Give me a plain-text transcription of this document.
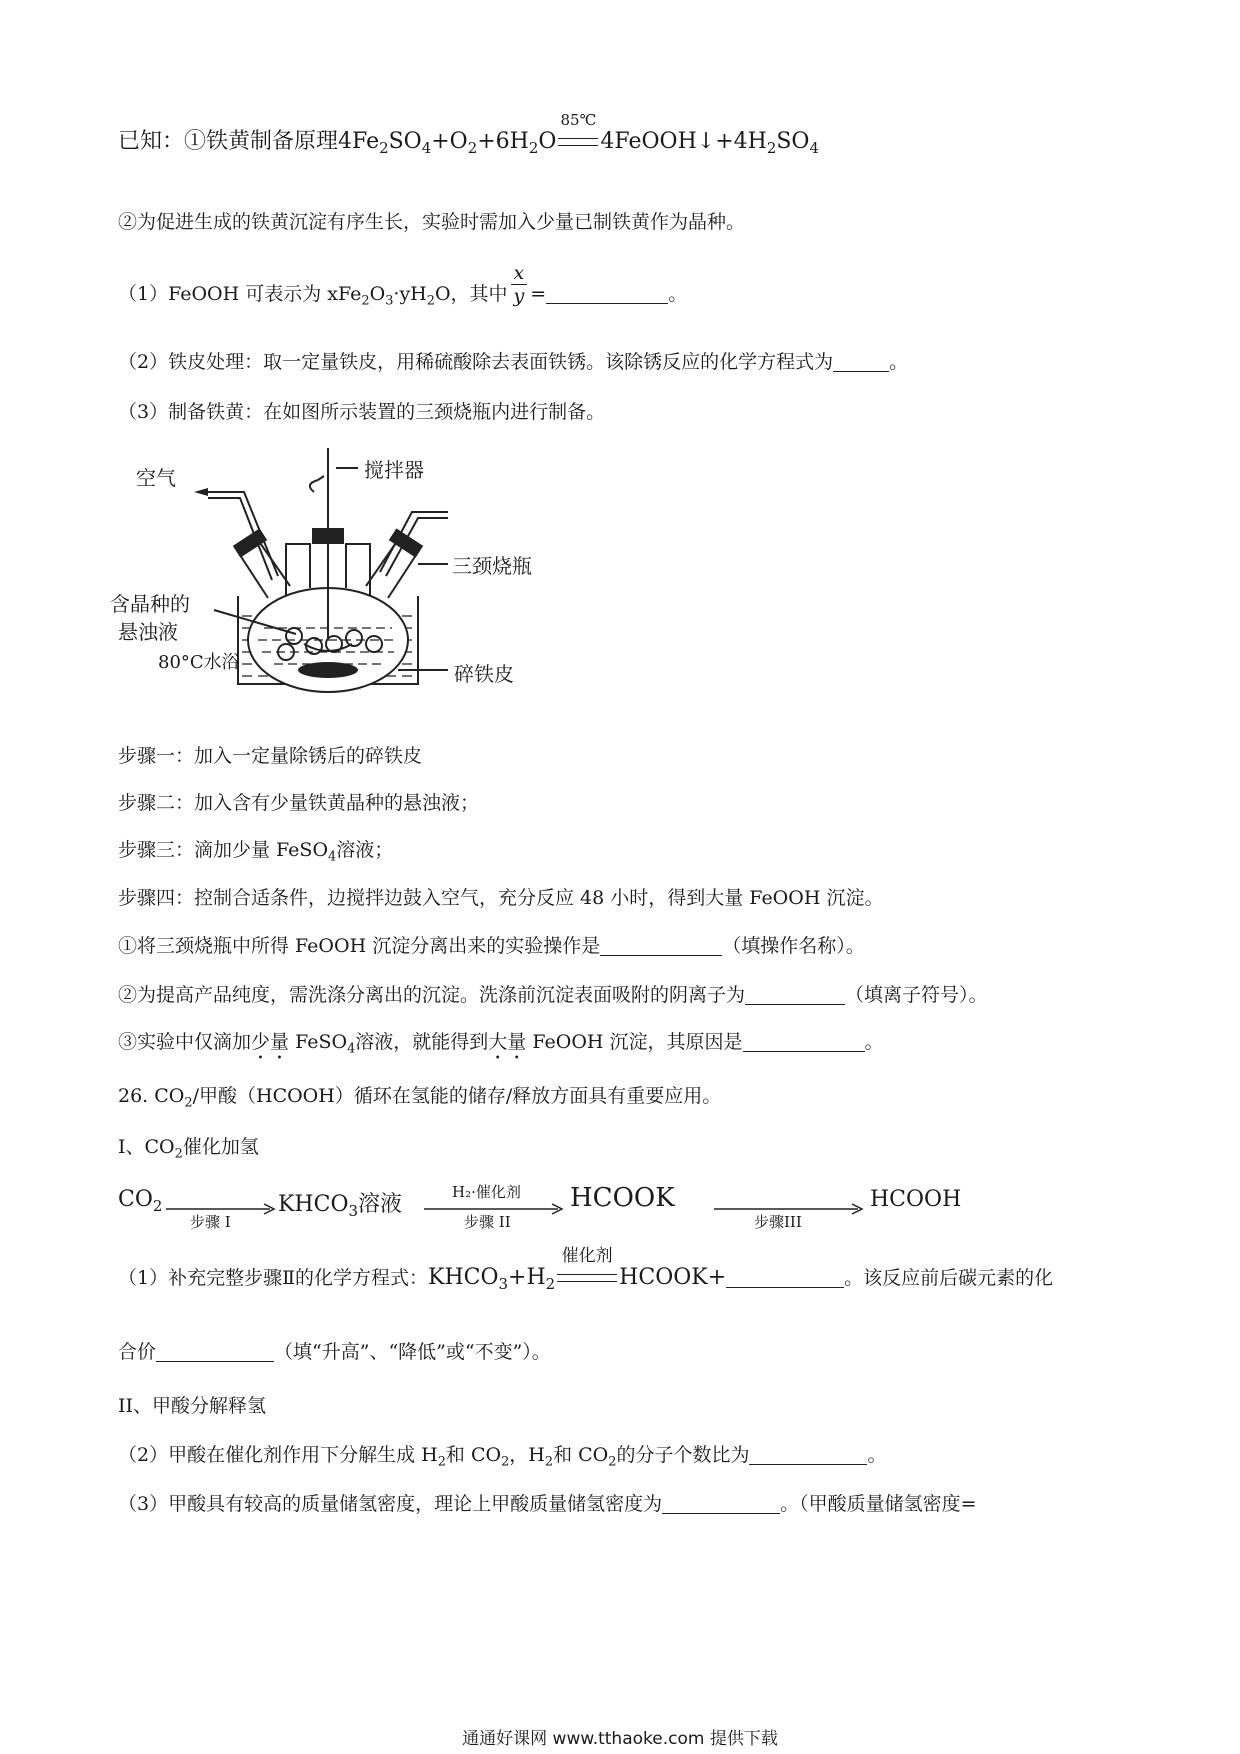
已知：①铁黄制备原理$4Fe_2SO_4+O_2+6H_2O$
85℃
$4FeOOH↓+4H_2SO_4$
②为促进生成的铁黄沉淀有序生长，实验时需加入少量已制铁黄作为晶种。
（1）FeOOH 可表示为 $xFe_2O_3\cdot yH_2O$，其中 $\frac{x}{y}$ =	。
（2）铁皮处理：取一定量铁皮，用稀硫酸除去表面铁锈。该除锈反应的化学方程式为	。
（3）制备铁黄：在如图所示装置的三颈烧瓶内进行制备。
空气	搅拌器
三颈烧瓶
含晶种的
悬浊液
80°C水浴	碎铁皮
步骤一：加入一定量除锈后的碎铁皮
步骤二：加入含有少量铁黄晶种的悬浊液；
步骤三：滴加少量 FeSO$_4$溶液；
步骤四：控制合适条件，边搅拌边鼓入空气，充分反应 48 小时，得到大量 FeOOH 沉淀。
①将三颈烧瓶中所得 FeOOH 沉淀分离出来的实验操作是	（填操作名称）。
②为提高产品纯度，需洗涤分离出的沉淀。洗涤前沉淀表面吸附的阴离子为	（填离子符号）。
③实验中仅滴加少量 FeSO$_4$溶液，就能得到大量 FeOOH 沉淀，其原因是	。
26. $CO_2/$甲酸（HCOOH）循环在氢能的储存/释放方面具有重要应用。
I、$CO_2$催化加氢
$CO_2$
步骤 I
$KHCO_3$溶液	H₂·催化剂
步骤 II
HCOOK
步骤III
HCOOH
（1）补充完整步骤Ⅱ的化学方程式：$KHCO_3+H_2$
催化剂
HCOOK+	。该反应前后碳元素的化
合价	（填“升高”、“降低”或“不变”）。
II、甲酸分解释氢
（2）甲酸在催化剂作用下分解生成 $H_2$和 $CO_2$，$H_2$和 $CO_2$的分子个数比为	。
（3）甲酸具有较高的质量储氢密度，理论上甲酸质量储氢密度为	。（甲酸质量储氢密度=
通通好课网 www.tthaoke.com 提供下载
